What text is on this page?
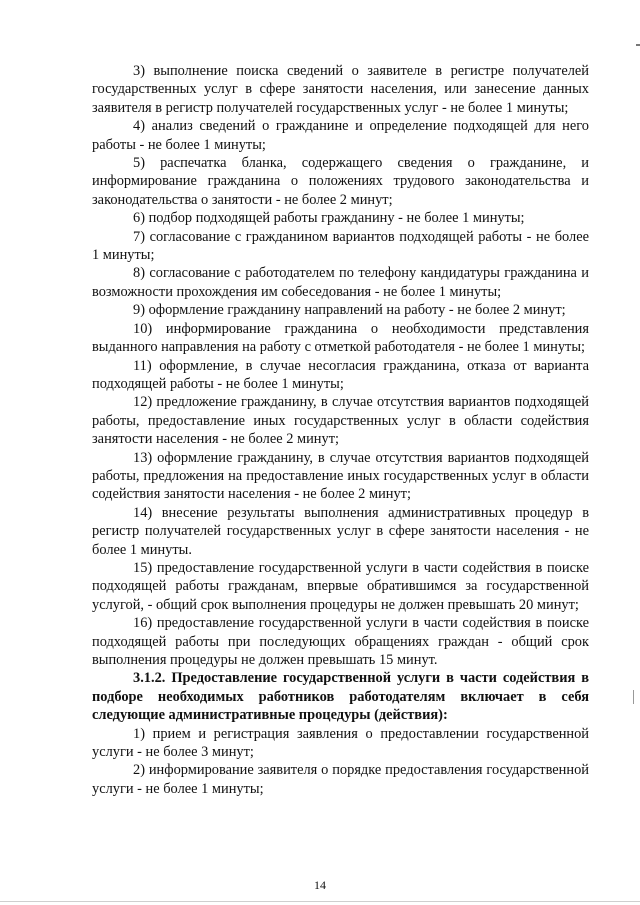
3) выполнение поиска сведений о заявителе в регистре получателей государственных услуг в сфере занятости населения, или занесение данных заявителя в регистр получателей государственных услуг - не более 1 минуты;

4) анализ сведений о гражданине и определение подходящей для него работы - не более 1 минуты;

5) распечатка бланка, содержащего сведения о гражданине, и информирование гражданина о положениях трудового законодательства и законодательства о занятости - не более 2 минут;

6) подбор подходящей работы гражданину - не более 1 минуты;

7) согласование с гражданином вариантов подходящей работы - не более 1 минуты;

8) согласование с работодателем по телефону кандидатуры гражданина и возможности прохождения им собеседования - не более 1 минуты;

9) оформление гражданину направлений на работу - не более 2 минут;

10) информирование гражданина о необходимости представления выданного направления на работу с отметкой работодателя - не более 1 минуты;

11) оформление, в случае несогласия гражданина, отказа от варианта подходящей работы - не более 1 минуты;

12) предложение гражданину, в случае отсутствия вариантов подходящей работы, предоставление иных государственных услуг в области содействия занятости населения - не более 2 минут;

13) оформление гражданину, в случае отсутствия вариантов подходящей работы, предложения на предоставление иных государственных услуг в области содействия занятости населения - не более 2 минут;

14) внесение результаты выполнения административных процедур в регистр получателей государственных услуг в сфере занятости населения - не более 1 минуты.

15) предоставление государственной услуги в части содействия в поиске подходящей работы гражданам, впервые обратившимся за государственной услугой, - общий срок выполнения процедуры не должен превышать 20 минут;

16) предоставление государственной услуги в части содействия в поиске подходящей работы при последующих обращениях граждан - общий срок выполнения процедуры не должен превышать 15 минут.

3.1.2. Предоставление государственной услуги в части содействия в подборе необходимых работников работодателям включает в себя следующие административные процедуры (действия):

1) прием и регистрация заявления о предоставлении государственной услуги - не более 3 минут;

2) информирование заявителя о порядке предоставления государственной услуги - не более 1 минуты;

14
